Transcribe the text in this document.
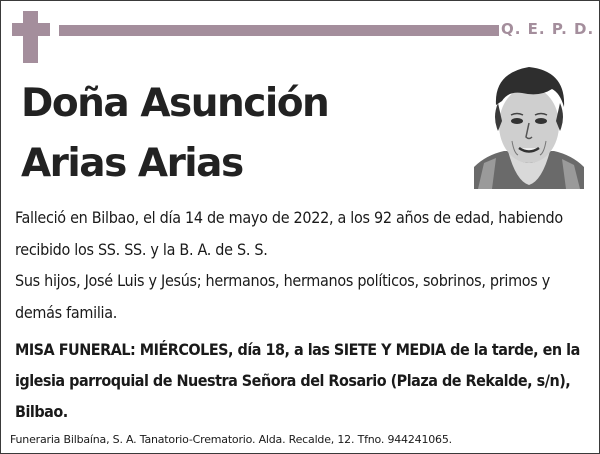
Q. E. P. D.
Doña Asunción
Arias Arias
Falleció en Bilbao, el día 14 de mayo de 2022, a los 92 años de edad, habiendo recibido los SS. SS. y la B. A. de S. S.
Sus hijos, José Luis y Jesús; hermanos, hermanos políticos, sobrinos, primos y demás familia.
MISA FUNERAL: MIÉRCOLES, día 18, a las SIETE Y MEDIA de la tarde, en la iglesia parroquial de Nuestra Señora del Rosario (Plaza de Rekalde, s/n), Bilbao.
Funeraria Bilbaína, S. A. Tanatorio-Crematorio. Alda. Recalde, 12. Tfno. 944241065.
